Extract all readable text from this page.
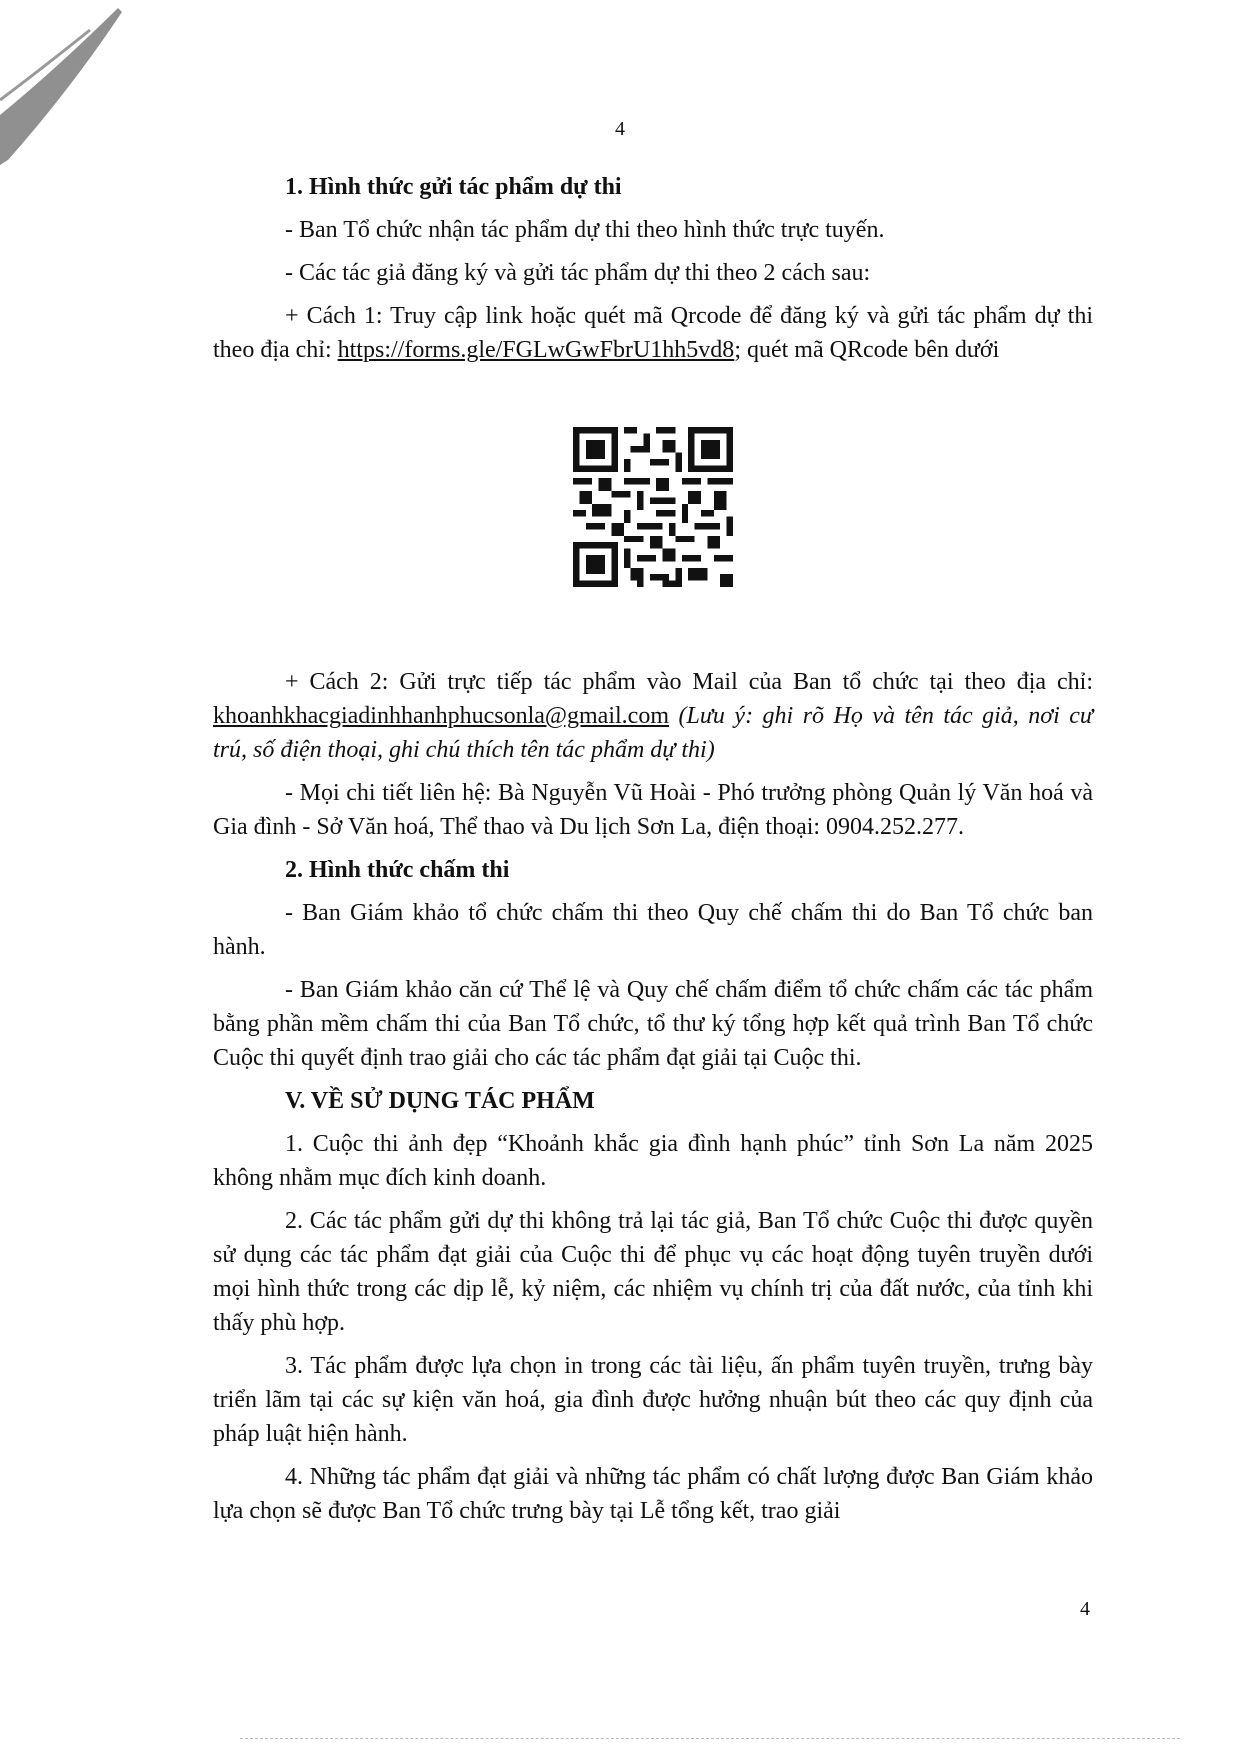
4

1. Hình thức gửi tác phẩm dự thi

- Ban Tổ chức nhận tác phẩm dự thi theo hình thức trực tuyến.

- Các tác giả đăng ký và gửi tác phẩm dự thi theo 2 cách sau:

+ Cách 1: Truy cập link hoặc quét mã Qrcode để đăng ký và gửi tác phẩm dự thi theo địa chỉ: https://forms.gle/FGLwGwFbrU1hh5vd8; quét mã QRcode bên dưới

+ Cách 2: Gửi trực tiếp tác phẩm vào Mail của Ban tổ chức tại theo địa chỉ: khoanhkhacgiadinhhanhphucsonla@gmail.com (Lưu ý: ghi rõ Họ và tên tác giả, nơi cư trú, số điện thoại, ghi chú thích tên tác phẩm dự thi)

- Mọi chi tiết liên hệ: Bà Nguyễn Vũ Hoài - Phó trưởng phòng Quản lý Văn hoá và Gia đình - Sở Văn hoá, Thể thao và Du lịch Sơn La, điện thoại: 0904.252.277.

2. Hình thức chấm thi

- Ban Giám khảo tổ chức chấm thi theo Quy chế chấm thi do Ban Tổ chức ban hành.

- Ban Giám khảo căn cứ Thể lệ và Quy chế chấm điểm tổ chức chấm các tác phẩm bằng phần mềm chấm thi của Ban Tổ chức, tổ thư ký tổng hợp kết quả trình Ban Tổ chức Cuộc thi quyết định trao giải cho các tác phẩm đạt giải tại Cuộc thi.

V. VỀ SỬ DỤNG TÁC PHẨM

1. Cuộc thi ảnh đẹp “Khoảnh khắc gia đình hạnh phúc” tỉnh Sơn La năm 2025 không nhằm mục đích kinh doanh.

2. Các tác phẩm gửi dự thi không trả lại tác giả, Ban Tổ chức Cuộc thi được quyền sử dụng các tác phẩm đạt giải của Cuộc thi để phục vụ các hoạt động tuyên truyền dưới mọi hình thức trong các dịp lễ, kỷ niệm, các nhiệm vụ chính trị của đất nước, của tỉnh khi thấy phù hợp.

3. Tác phẩm được lựa chọn in trong các tài liệu, ấn phẩm tuyên truyền, trưng bày triển lãm tại các sự kiện văn hoá, gia đình được hưởng nhuận bút theo các quy định của pháp luật hiện hành.

4. Những tác phẩm đạt giải và những tác phẩm có chất lượng được Ban Giám khảo lựa chọn sẽ được Ban Tổ chức trưng bày tại Lễ tổng kết, trao giải

4
